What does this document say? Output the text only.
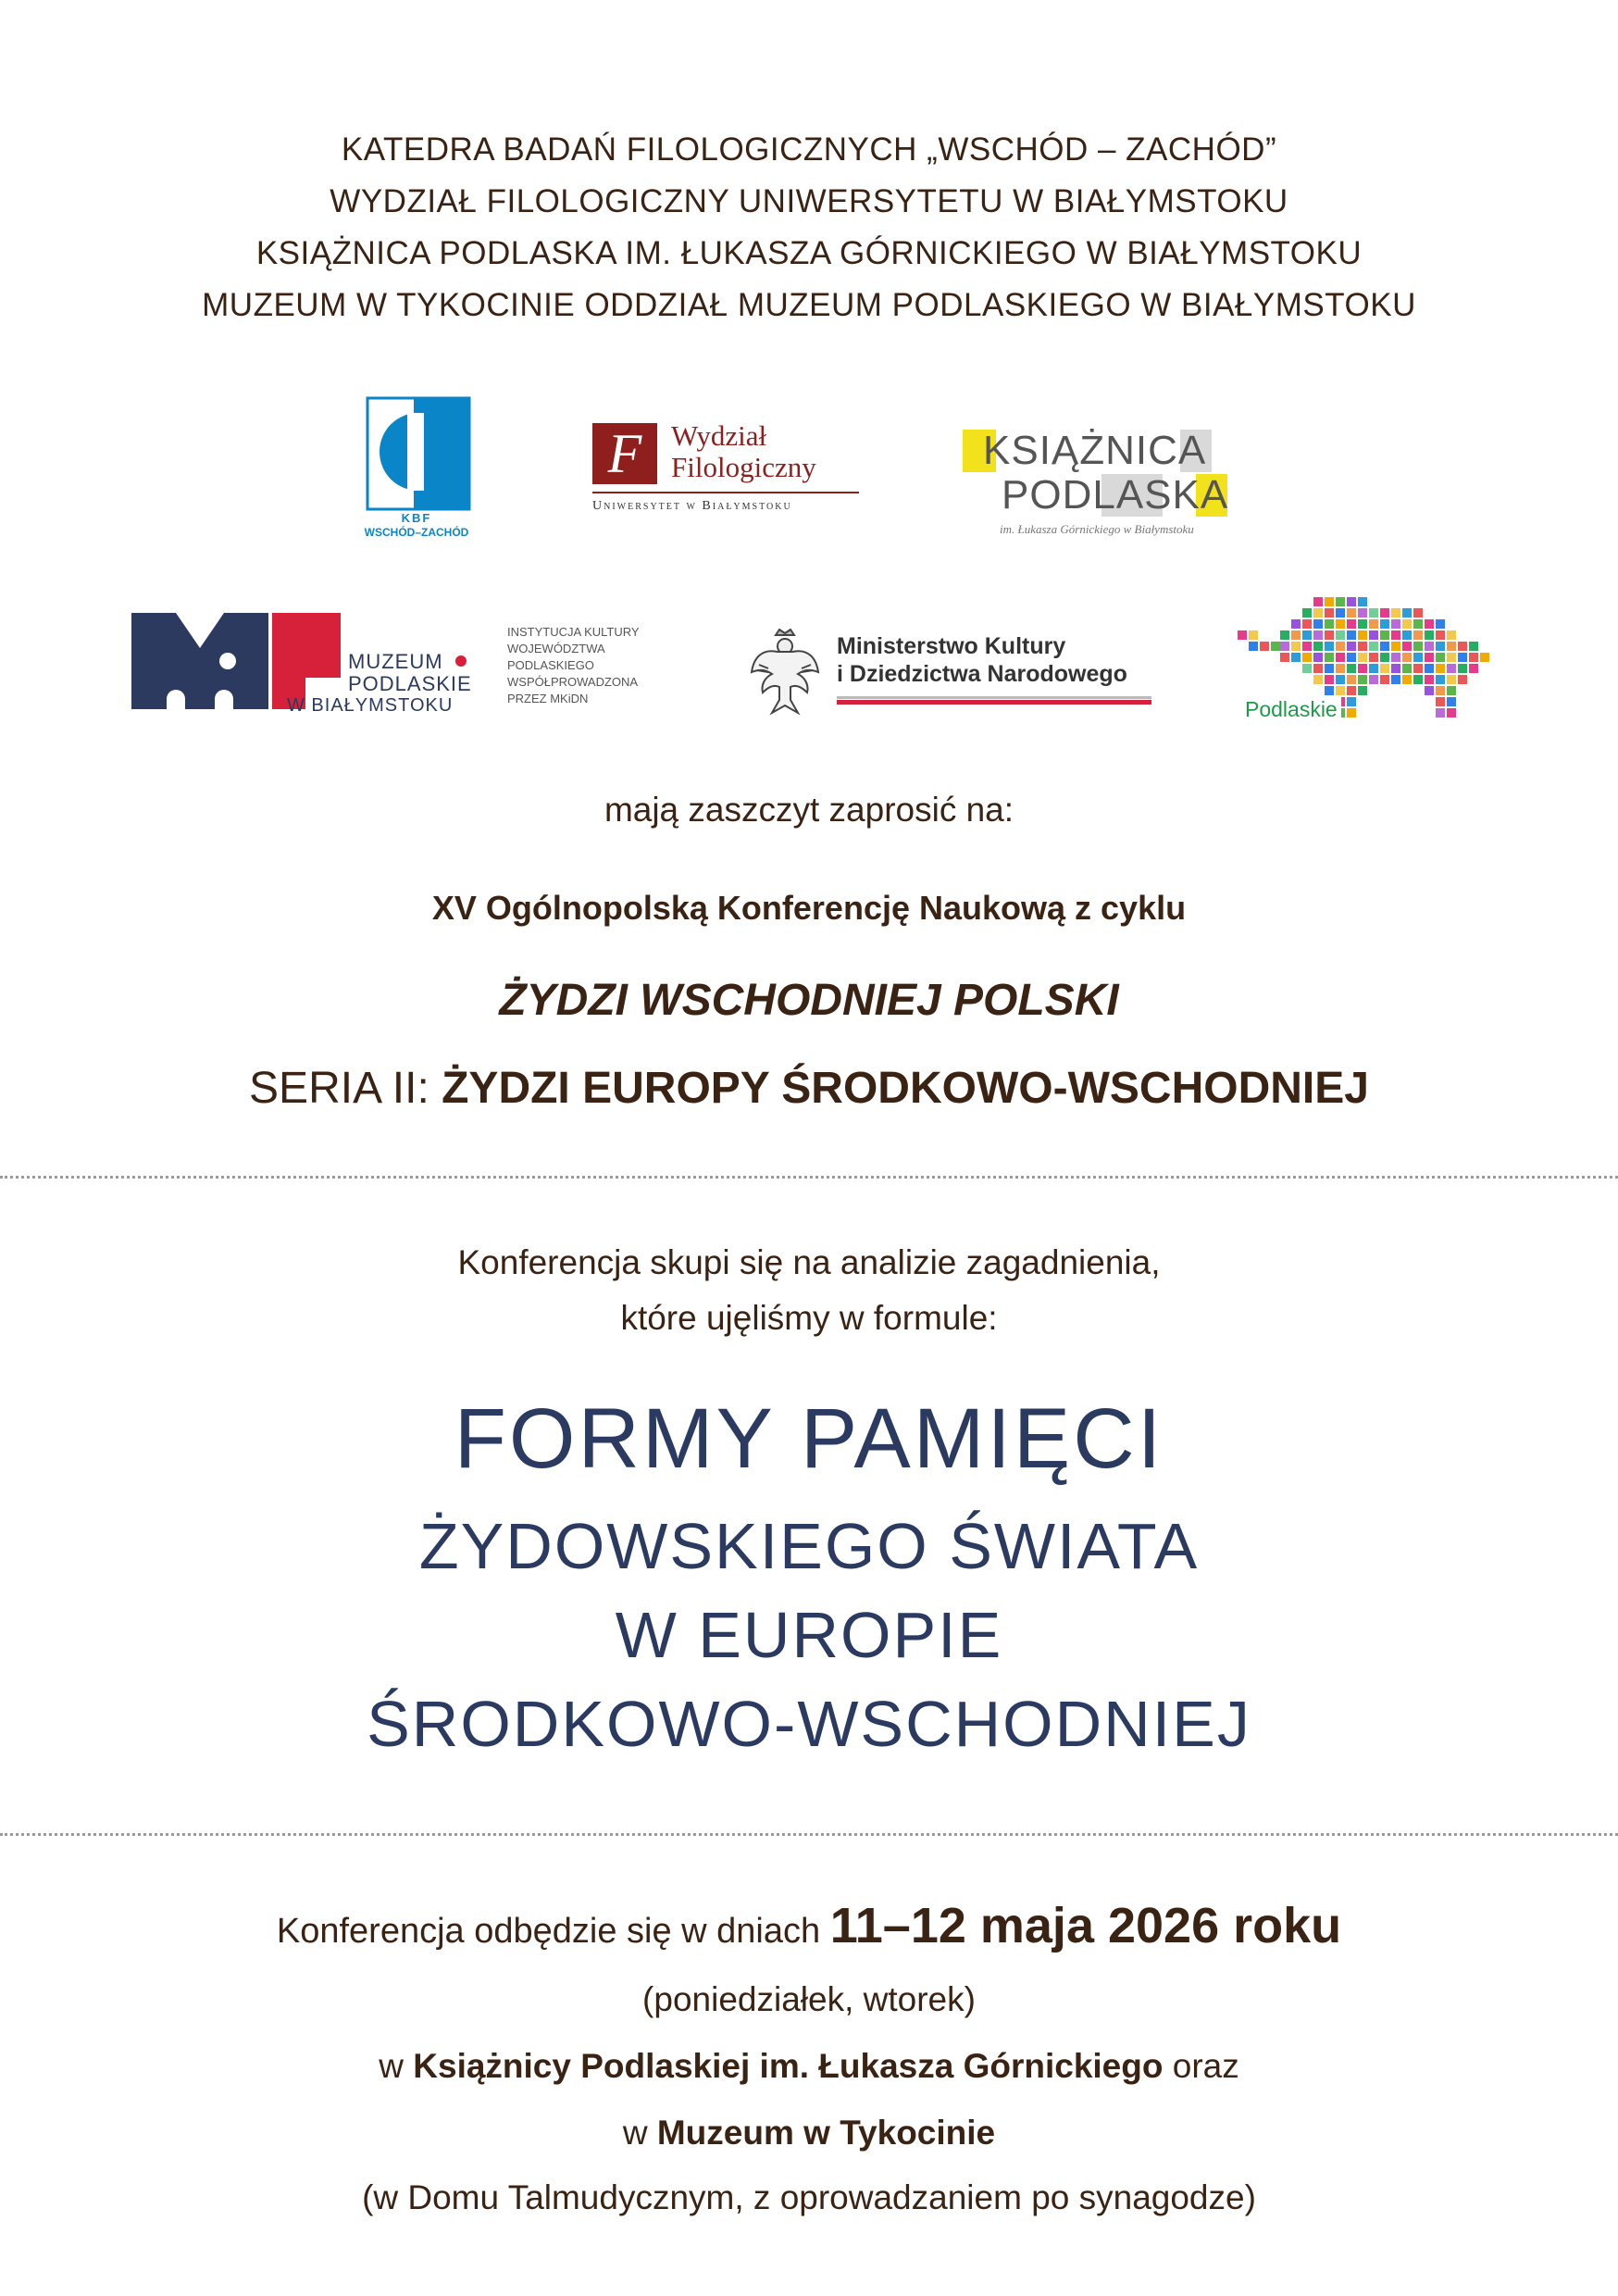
KATEDRA BADAŃ FILOLOGICZNYCH „WSCHÓD – ZACHÓD”
WYDZIAŁ FILOLOGICZNY UNIWERSYTETU W BIAŁYMSTOKU
KSIĄŻNICA PODLASKA IM. ŁUKASZA GÓRNICKIEGO W BIAŁYMSTOKU
MUZEUM W TYKOCINIE ODDZIAŁ MUZEUM PODLASKIEGO W BIAŁYMSTOKU
KBF
WSCHÓD–ZACHÓD
F	Wydział
Filologiczny
Uniwersytet w Białymstoku
KSIĄŻNICA
PODLASKA
im. Łukasza Górnickiego w Białymstoku
MUZEUM
PODLASKIE
W BIAŁYMSTOKU
INSTYTUCJA KULTURY
WOJEWÓDZTWA
PODLASKIEGO
WSPÓŁPROWADZONA
PRZEZ MKiDN
Ministerstwo Kultury
i Dziedzictwa Narodowego
Podlaskie
mają zaszczyt zaprosić na:
XV Ogólnopolską Konferencję Naukową z cyklu
ŻYDZI WSCHODNIEJ POLSKI
SERIA II: ŻYDZI EUROPY ŚRODKOWO-WSCHODNIEJ
Konferencja skupi się na analizie zagadnienia,
które ujęliśmy w formule:
FORMY PAMIĘCI
ŻYDOWSKIEGO ŚWIATA
W EUROPIE
ŚRODKOWO-WSCHODNIEJ
Konferencja odbędzie się w dniach 11–12 maja 2026 roku
(poniedziałek, wtorek)
w Książnicy Podlaskiej im. Łukasza Górnickiego oraz
w Muzeum w Tykocinie
(w Domu Talmudycznym, z oprowadzaniem po synagodze)
